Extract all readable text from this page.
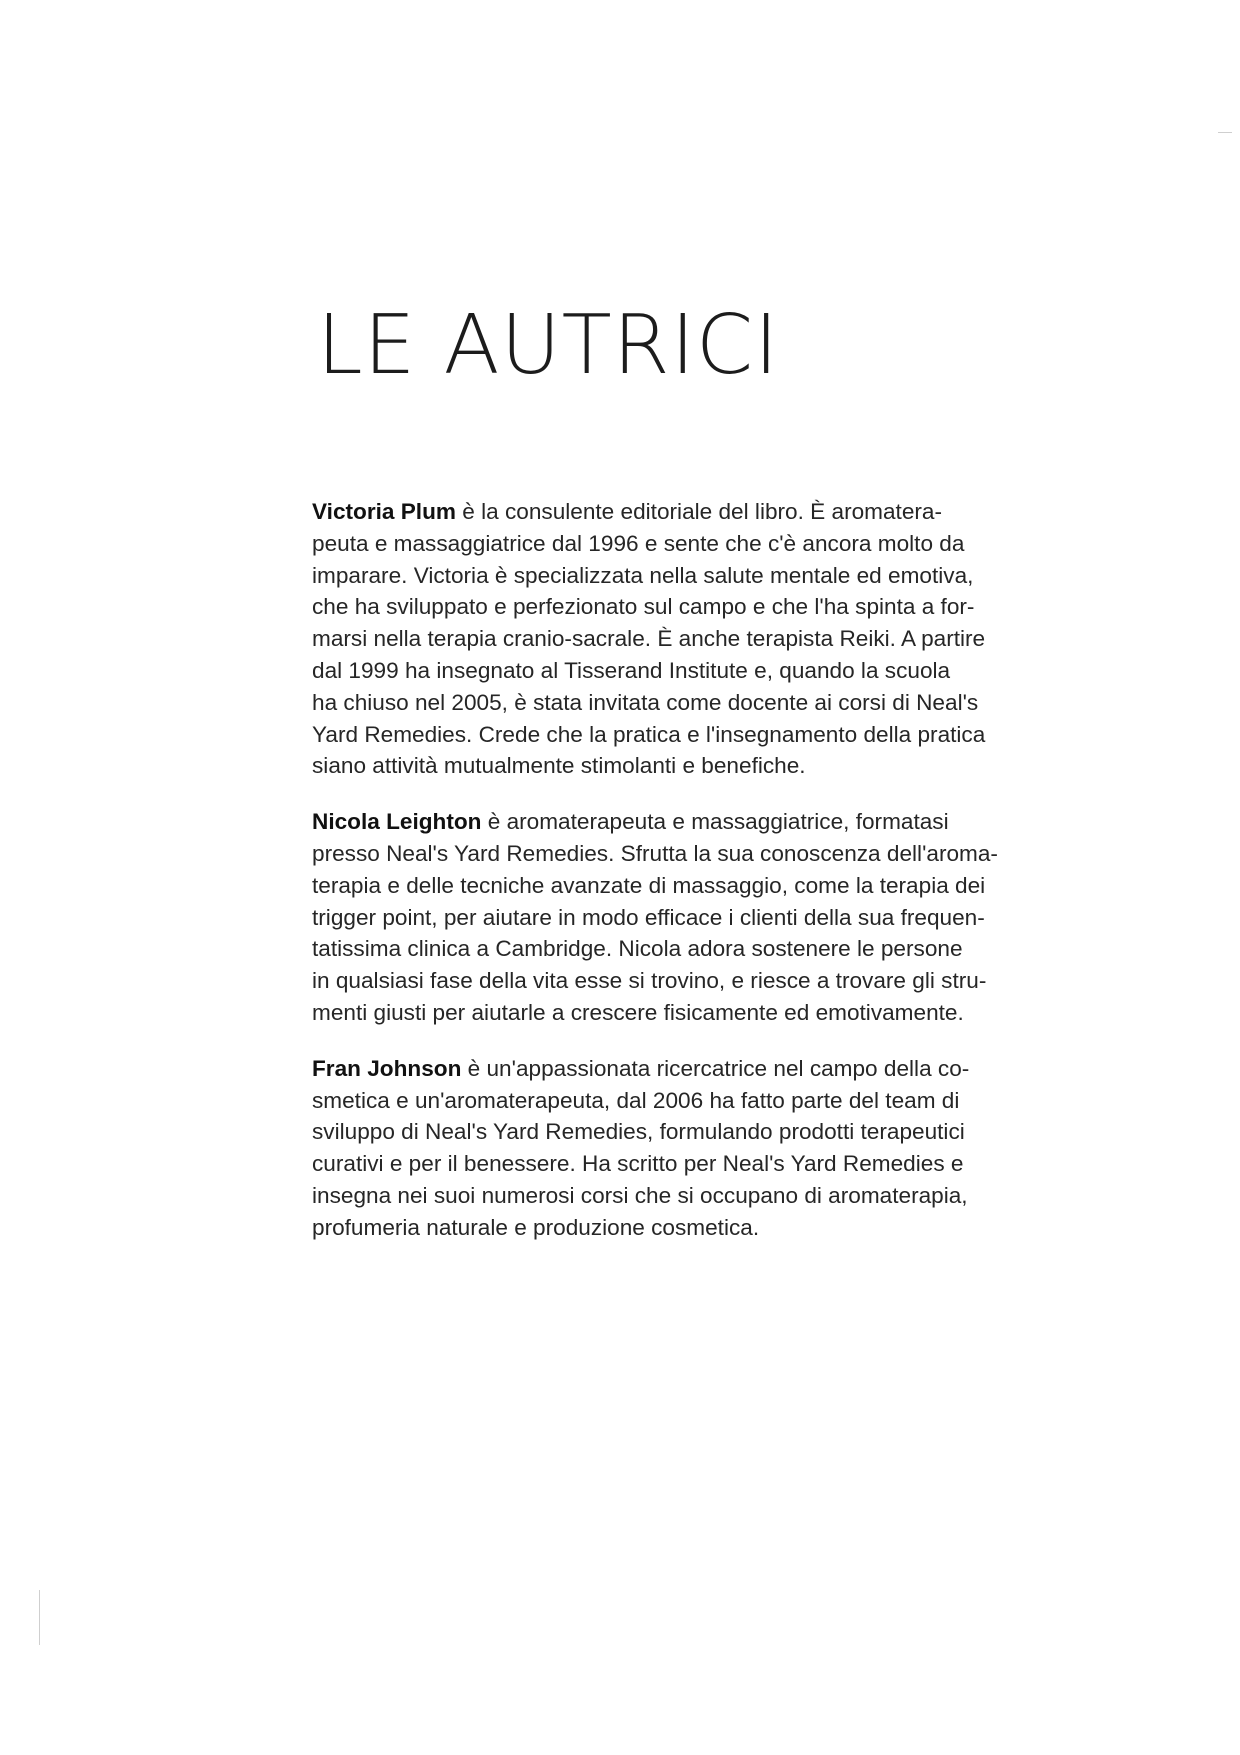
LE AUTRICI

Victoria Plum è la consulente editoriale del libro. È aromatera-
peuta e massaggiatrice dal 1996 e sente che c'è ancora molto da
imparare. Victoria è specializzata nella salute mentale ed emotiva,
che ha sviluppato e perfezionato sul campo e che l'ha spinta a for-
marsi nella terapia cranio-sacrale. È anche terapista Reiki. A partire
dal 1999 ha insegnato al Tisserand Institute e, quando la scuola
ha chiuso nel 2005, è stata invitata come docente ai corsi di Neal's
Yard Remedies. Crede che la pratica e l'insegnamento della pratica
siano attività mutualmente stimolanti e benefiche.

Nicola Leighton è aromaterapeuta e massaggiatrice, formatasi
presso Neal's Yard Remedies. Sfrutta la sua conoscenza dell'aroma-
terapia e delle tecniche avanzate di massaggio, come la terapia dei
trigger point, per aiutare in modo efficace i clienti della sua frequen-
tatissima clinica a Cambridge. Nicola adora sostenere le persone
in qualsiasi fase della vita esse si trovino, e riesce a trovare gli stru-
menti giusti per aiutarle a crescere fisicamente ed emotivamente.

Fran Johnson è un'appassionata ricercatrice nel campo della co-
smetica e un'aromaterapeuta, dal 2006 ha fatto parte del team di
sviluppo di Neal's Yard Remedies, formulando prodotti terapeutici
curativi e per il benessere. Ha scritto per Neal's Yard Remedies e
insegna nei suoi numerosi corsi che si occupano di aromaterapia,
profumeria naturale e produzione cosmetica.
